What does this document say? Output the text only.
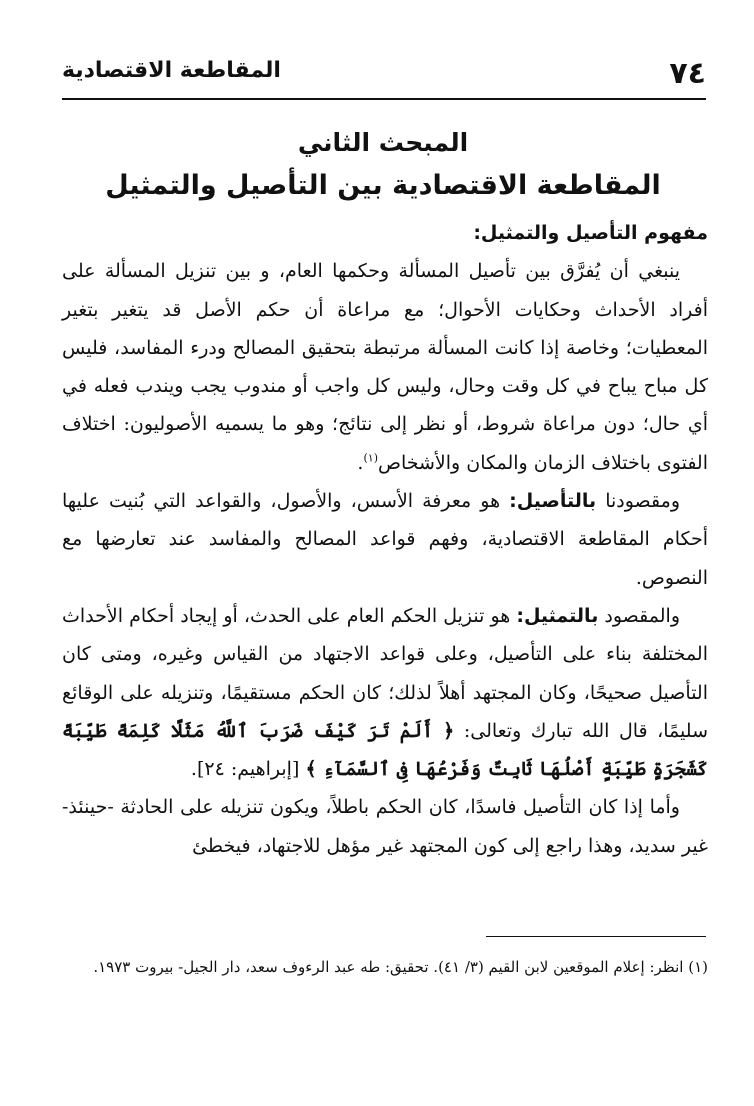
٧٤
المقاطعة الاقتصادية
المبحث الثاني
المقاطعة الاقتصادية بين التأصيل والتمثيل

مفهوم التأصيل والتمثيل:

ينبغي أن يُفرَّق بين تأصيل المسألة وحكمها العام، و بين تنزيل المسألة على أفراد الأحداث وحكايات الأحوال؛ مع مراعاة أن حكم الأصل قد يتغير بتغير المعطيات؛ وخاصة إذا كانت المسألة مرتبطة بتحقيق المصالح ودرء المفاسد، فليس كل مباح يباح في كل وقت وحال، وليس كل واجب أو مندوب يجب ويندب فعله في أي حال؛ دون مراعاة شروط، أو نظر إلى نتائج؛ وهو ما يسميه الأصوليون: اختلاف الفتوى باختلاف الزمان والمكان والأشخاص$^{(١)}$.

ومقصودنا بالتأصيل: هو معرفة الأسس، والأصول، والقواعد التي بُنيت عليها أحكام المقاطعة الاقتصادية، وفهم قواعد المصالح والمفاسد عند تعارضها مع النصوص.

والمقصود بالتمثيل: هو تنزيل الحكم العام على الحدث، أو إيجاد أحكام الأحداث المختلفة بناء على التأصيل، وعلى قواعد الاجتهاد من القياس وغيره، ومتى كان التأصيل صحيحًا، وكان المجتهد أهلاً لذلك؛ كان الحكم مستقيمًا، وتنزيله على الوقائع سليمًا، قال الله تبارك وتعالى: ﴿ أَلَمْ تَرَ كَيْفَ ضَرَبَ ٱللَّهُ مَثَلًا كَلِمَةً طَيِّبَةً كَشَجَرَةٍ طَيِّبَةٍ أَصْلُهَا ثَابِتٌ وَفَرْعُهَا فِى ٱلسَّمَآءِ ﴾ [إبراهيم: ٢٤].

وأما إذا كان التأصيل فاسدًا، كان الحكم باطلاً، ويكون تنزيله على الحادثة -حينئذ- غير سديد، وهذا راجع إلى كون المجتهد غير مؤهل للاجتهاد، فيخطئ

(١) انظر: إعلام الموقعين لابن القيم (٣/ ٤١). تحقيق: طه عبد الرءوف سعد، دار الجيل- بيروت ١٩٧٣.
